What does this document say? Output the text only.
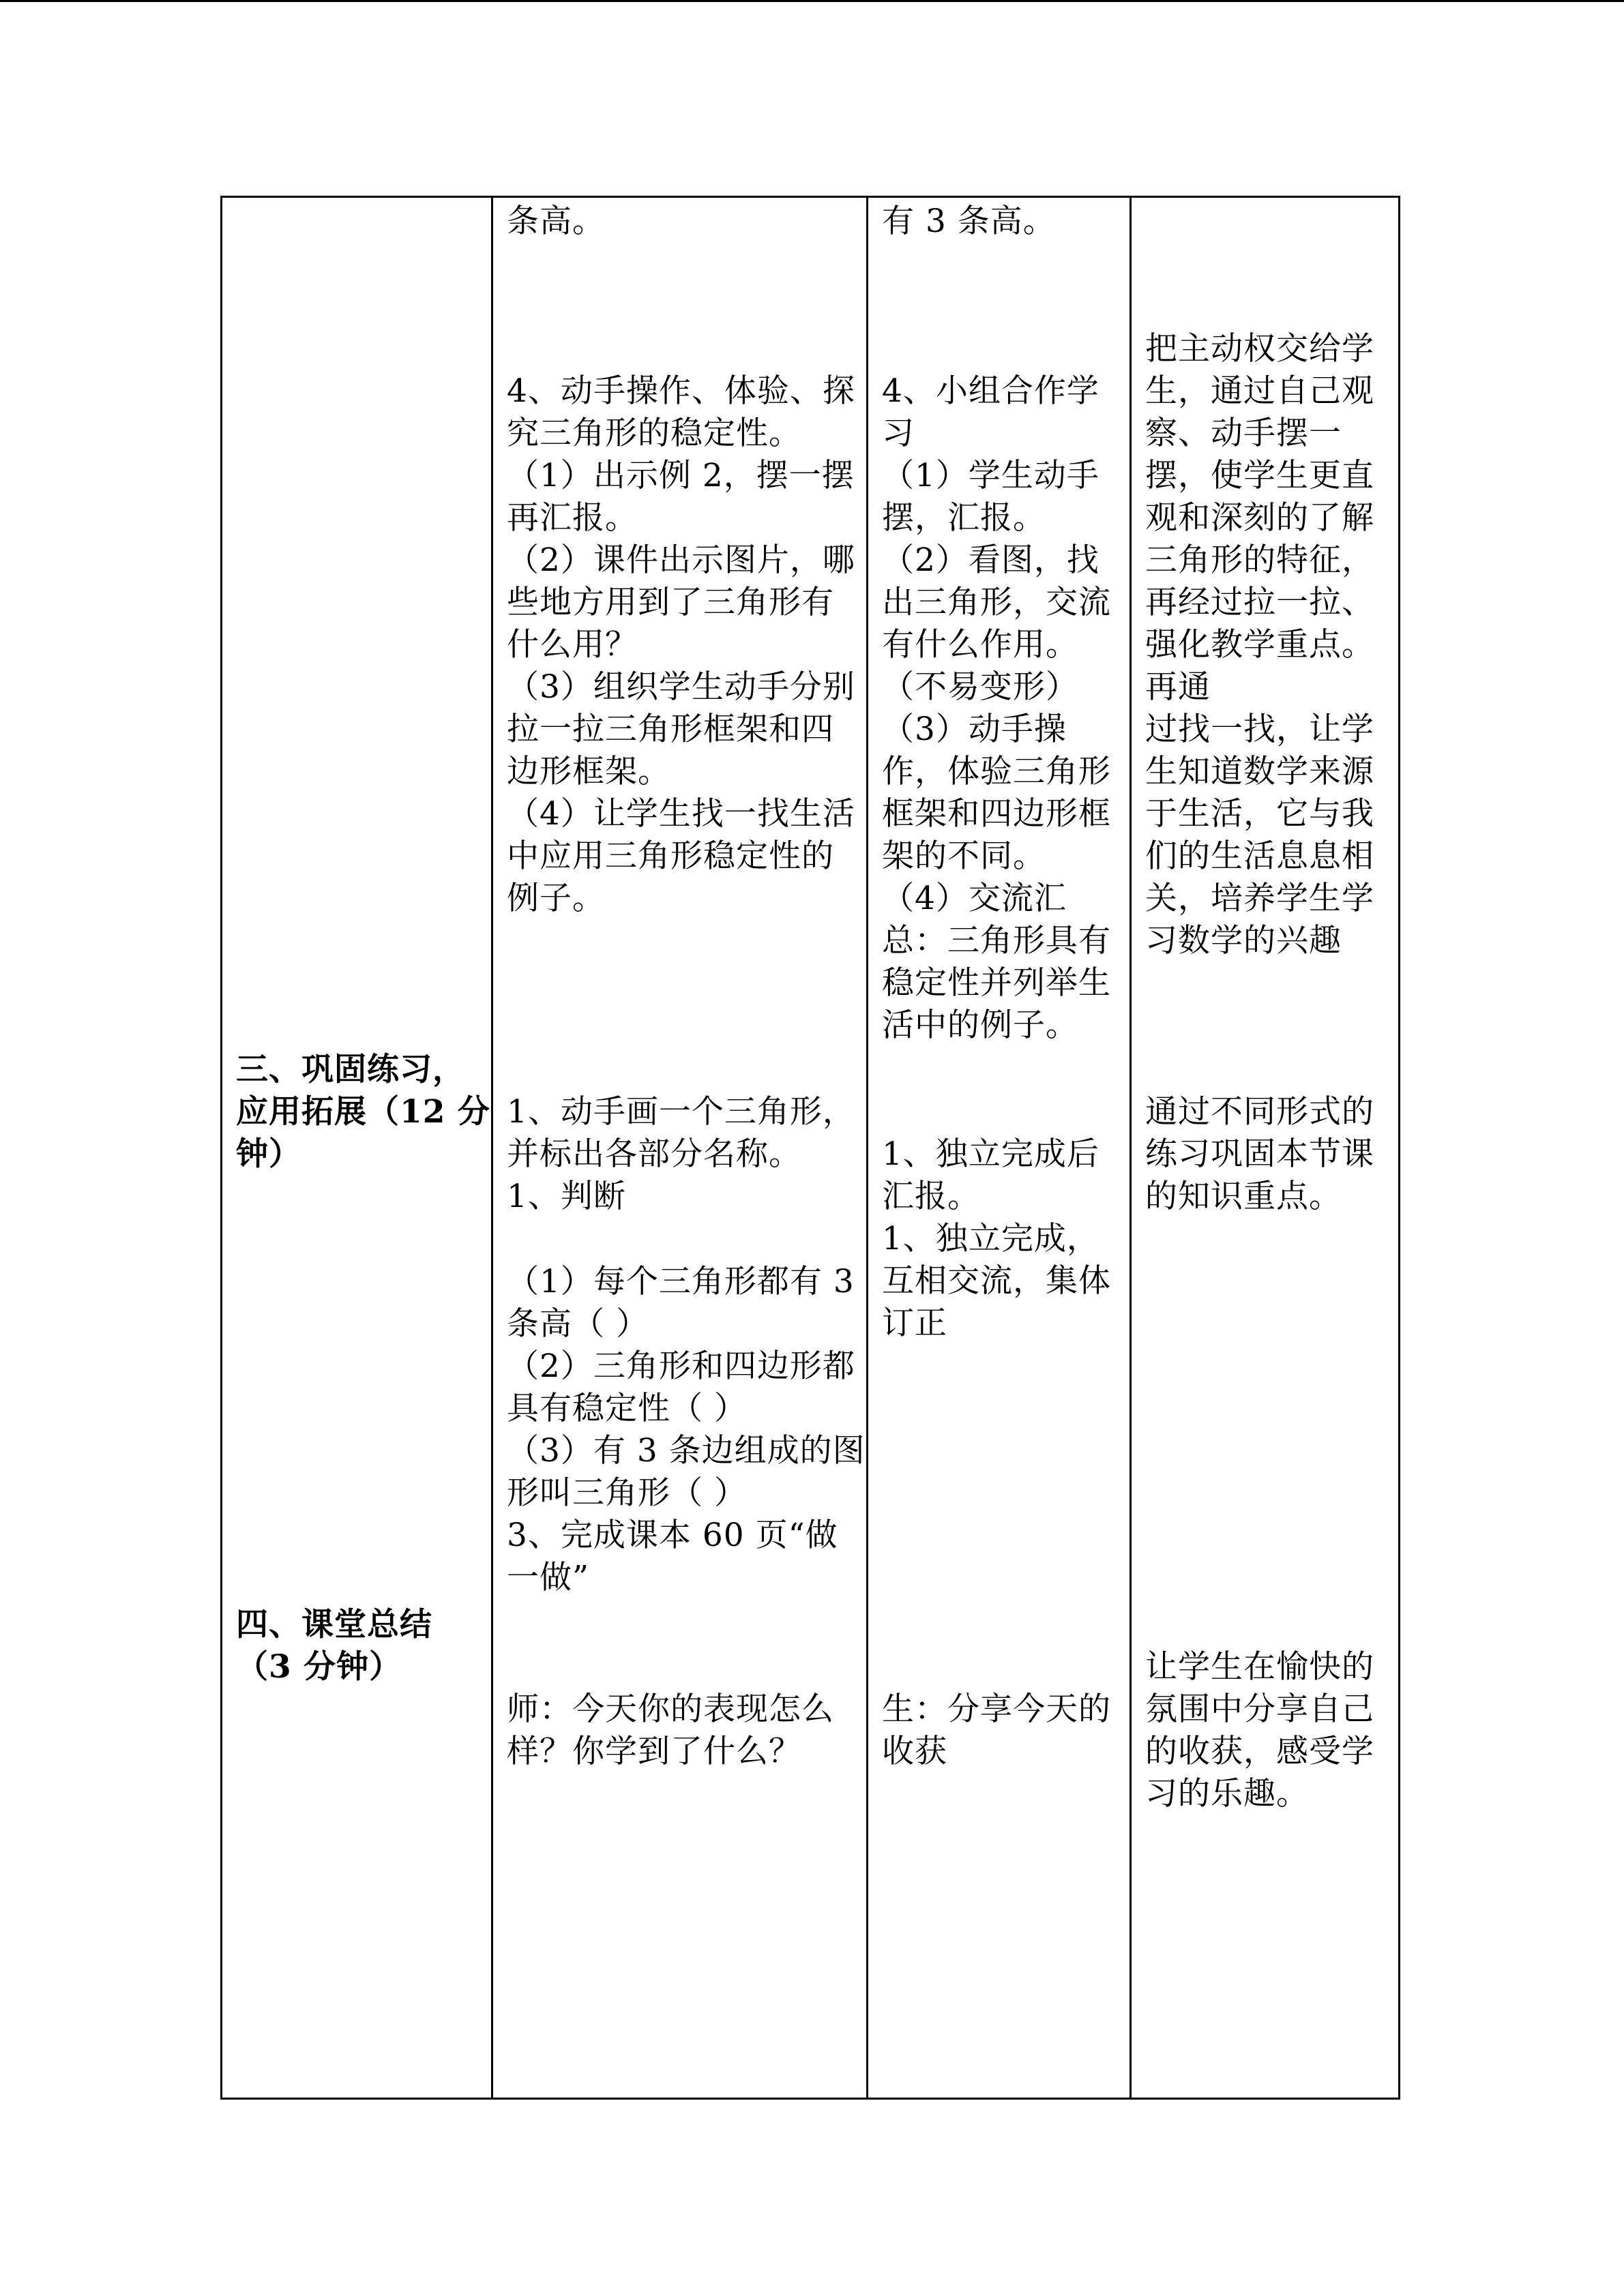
三、巩固练习，
应用拓展（12 分
钟）
四、课堂总结
（3 分钟）
条高。
4、动手操作、体验、探
究三角形的稳定性。
（1）出示例 2，摆一摆
再汇报。
（2）课件出示图片，哪
些地方用到了三角形有
什么用？
（3）组织学生动手分别
拉一拉三角形框架和四
边形框架。
（4）让学生找一找生活
中应用三角形稳定性的
例子。
1、动手画一个三角形，
并标出各部分名称。
1、判断
（1）每个三角形都有 3
条高（ ）
（2）三角形和四边形都
具有稳定性（ ）
（3）有 3 条边组成的图
形叫三角形（ ）
3、完成课本 60 页“做
一做”
师：今天你的表现怎么
样？你学到了什么？
有 3 条高。
4、小组合作学
习
（1）学生动手
摆，汇报。
（2）看图，找
出三角形，交流
有什么作用。
（不易变形）
（3）动手操
作，体验三角形
框架和四边形框
架的不同。
（4）交流汇
总：三角形具有
稳定性并列举生
活中的例子。
1、独立完成后
汇报。
1、独立完成，
互相交流，集体
订正
生：分享今天的
收获
把主动权交给学
生，通过自己观
察、动手摆一
摆，使学生更直
观和深刻的了解
三角形的特征，
再经过拉一拉、
强化教学重点。
再通
过找一找，让学
生知道数学来源
于生活，它与我
们的生活息息相
关，培养学生学
习数学的兴趣
通过不同形式的
练习巩固本节课
的知识重点。
让学生在愉快的
氛围中分享自己
的收获，感受学
习的乐趣。
